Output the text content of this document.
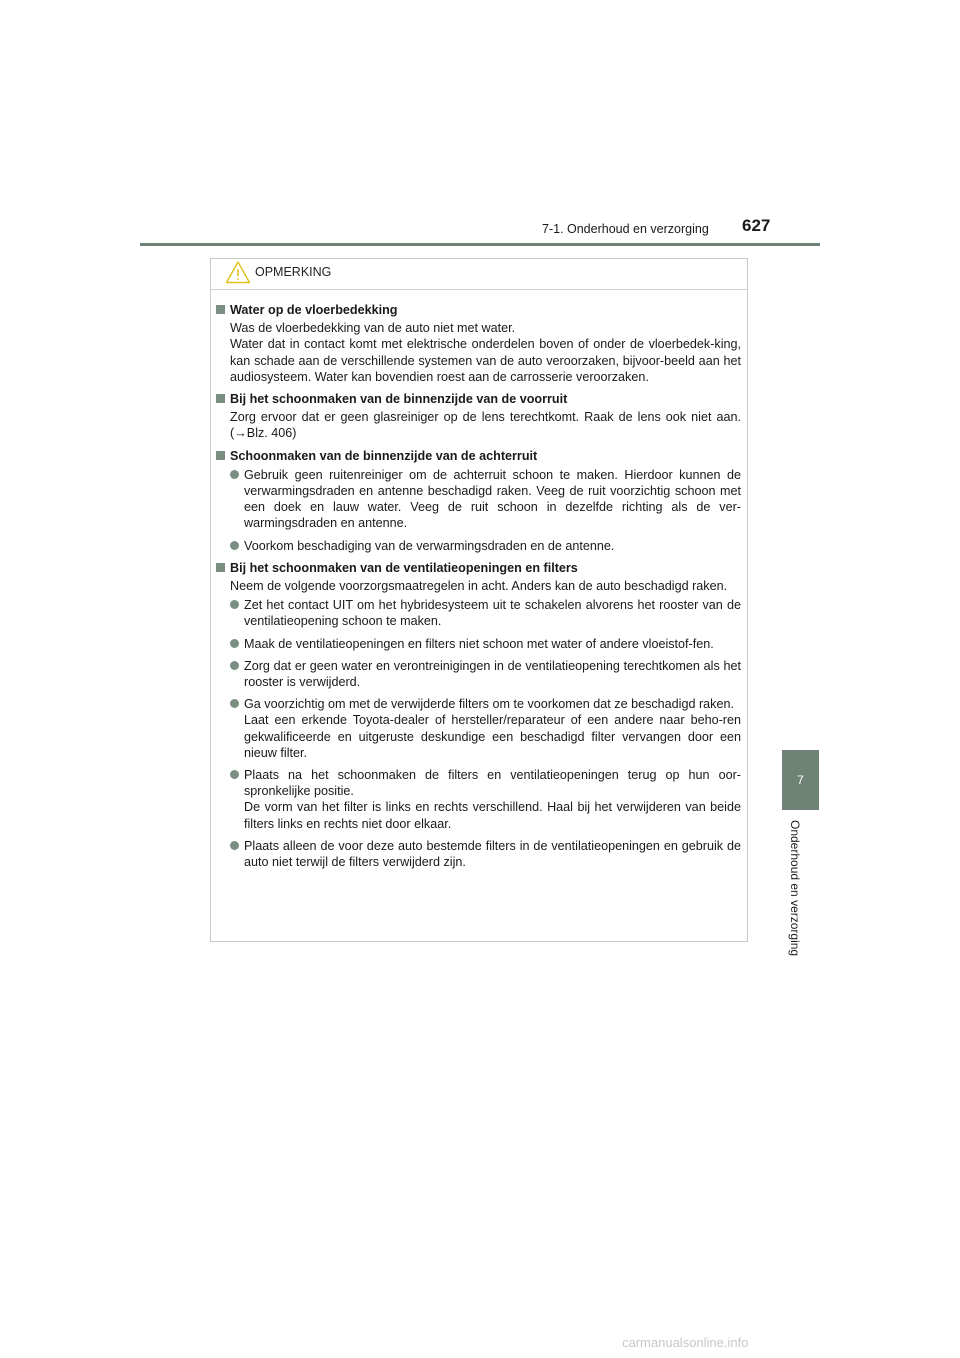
7-1. Onderhoud en verzorging 627
7
Onderhoud en verzorging
OPMERKING
Water op de vloerbedekking

Was de vloerbedekking van de auto niet met water.

Water dat in contact komt met elektrische onderdelen boven of onder de vloerbedek-king, kan schade aan de verschillende systemen van de auto veroorzaken, bijvoor-beeld aan het audiosysteem. Water kan bovendien roest aan de carrosserie veroorzaken.

Bij het schoonmaken van de binnenzijde van de voorruit

Zorg ervoor dat er geen glasreiniger op de lens terechtkomt. Raak de lens ook niet aan. (→Blz. 406)

Schoonmaken van de binnenzijde van de achterruit

Gebruik geen ruitenreiniger om de achterruit schoon te maken. Hierdoor kunnen de verwarmingsdraden en antenne beschadigd raken. Veeg de ruit voorzichtig schoon met een doek en lauw water. Veeg de ruit schoon in dezelfde richting als de ver-warmingsdraden en antenne.

Voorkom beschadiging van de verwarmingsdraden en de antenne.

Bij het schoonmaken van de ventilatieopeningen en filters

Neem de volgende voorzorgsmaatregelen in acht. Anders kan de auto beschadigd raken.

Zet het contact UIT om het hybridesysteem uit te schakelen alvorens het rooster van de ventilatieopening schoon te maken.

Maak de ventilatieopeningen en filters niet schoon met water of andere vloeistof-fen.

Zorg dat er geen water en verontreinigingen in de ventilatieopening terechtkomen als het rooster is verwijderd.

Ga voorzichtig om met de verwijderde filters om te voorkomen dat ze beschadigd raken.

Laat een erkende Toyota-dealer of hersteller/reparateur of een andere naar beho-ren gekwalificeerde en uitgeruste deskundige een beschadigd filter vervangen door een nieuw filter.

Plaats na het schoonmaken de filters en ventilatieopeningen terug op hun oor-spronkelijke positie.

De vorm van het filter is links en rechts verschillend. Haal bij het verwijderen van beide filters links en rechts niet door elkaar.

Plaats alleen de voor deze auto bestemde filters in de ventilatieopeningen en gebruik de auto niet terwijl de filters verwijderd zijn.

carmanualsonline.info
